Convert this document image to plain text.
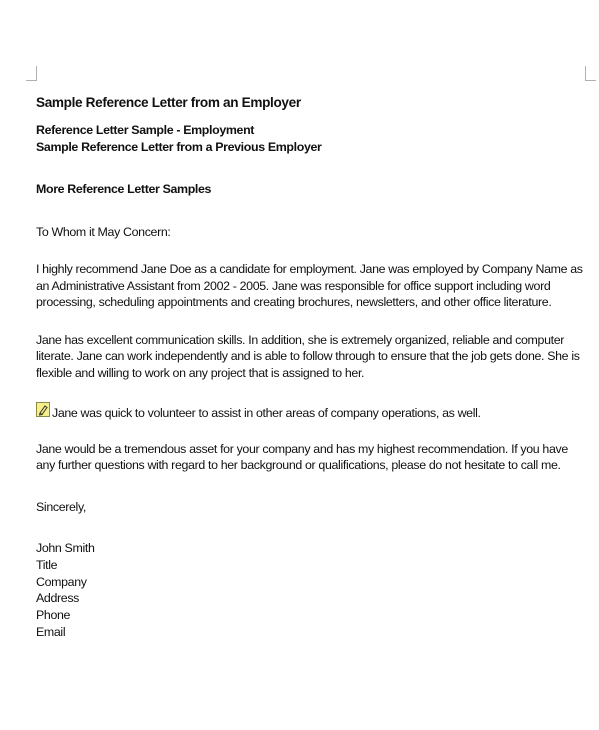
Sample Reference Letter from an Employer

Reference Letter Sample - Employment

Sample Reference Letter from a Previous Employer

More Reference Letter Samples

To Whom it May Concern:

I highly recommend Jane Doe as a candidate for employment. Jane was employed by Company Name as an Administrative Assistant from 2002 - 2005. Jane was responsible for office support including word processing, scheduling appointments and creating brochures, newsletters, and other office literature.

Jane has excellent communication skills. In addition, she is extremely organized, reliable and computer literate. Jane can work independently and is able to follow through to ensure that the job gets done. She is flexible and willing to work on any project that is assigned to her.

Jane was quick to volunteer to assist in other areas of company operations, as well.

Jane would be a tremendous asset for your company and has my highest recommendation. If you have any further questions with regard to her background or qualifications, please do not hesitate to call me.

Sincerely,

John Smith
Title
Company
Address
Phone
Email
